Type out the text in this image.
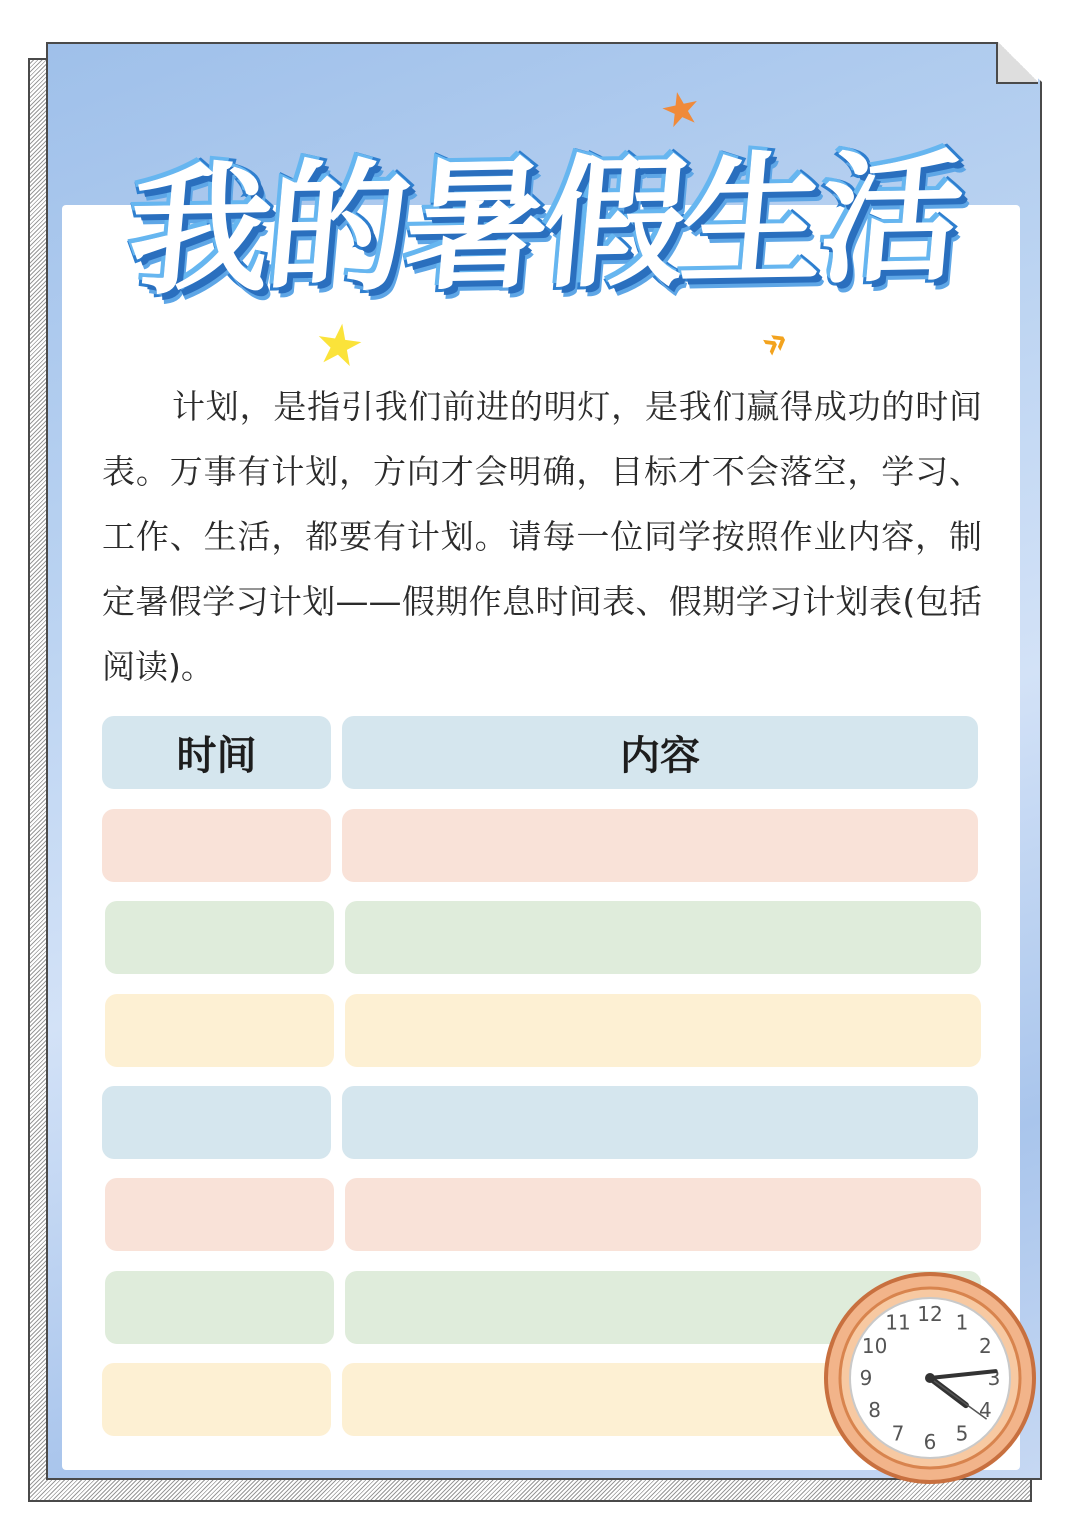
我的暑假生活
★
★	»

计划，是指引我们前进的明灯，是我们赢得成功的时间表。万事有计划，方向才会明确，目标才不会落空，学习、工作、生活，都要有计划。请每一位同学按照作业内容，制定暑假学习计划——假期作息时间表、假期学习计划表(包括阅读)。

时间	内容
12 1
2
3
4
5
6
7
8
9
10
11
